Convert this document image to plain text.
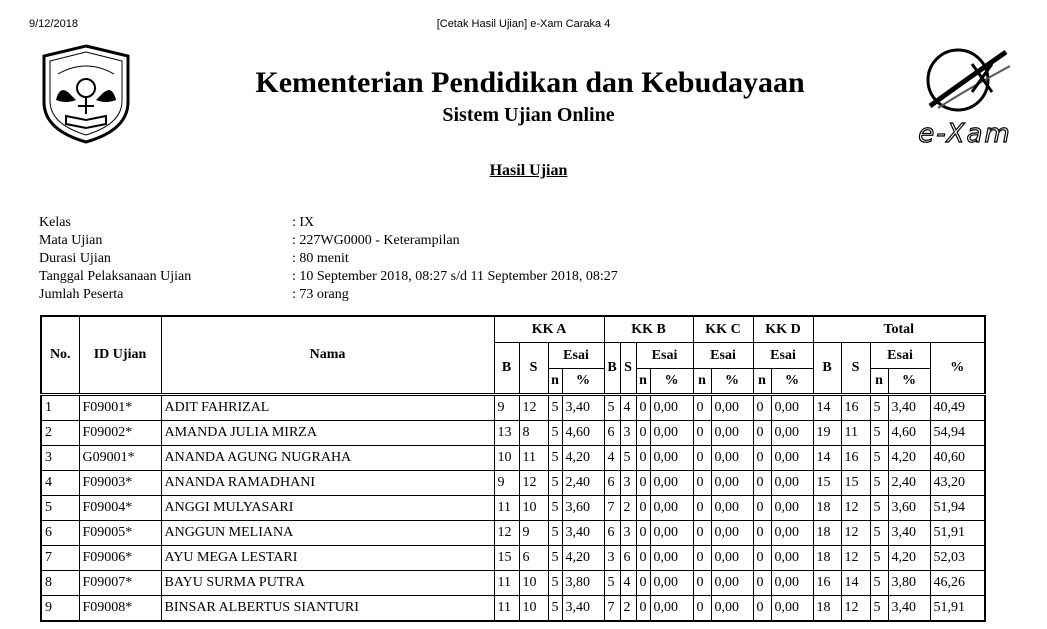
9/12/2018	[Cetak Hasil Ujian] e-Xam Caraka 4
e-Xam
Kementerian Pendidikan dan Kebudayaan
Sistem Ujian Online
Hasil Ujian
Kelas	: IX
Mata Ujian	: 227WG0000 - Keterampilan
Durasi Ujian	: 80 menit
Tanggal Pelaksanaan Ujian	: 10 September 2018, 08:27 s/d 11 September 2018, 08:27
Jumlah Peserta	: 73 orang
No.	ID Ujian	Nama	KK A				KK B				KK C		KK D		Total				
			B	S	Esai		B	S	Esai		Esai		Esai		B	S	Esai		%
					n	%			n	%	n	%	n	%			n	%	
1	F09001*	ADIT FAHRIZAL	9	12	5	3,40	5	4	0	0,00	0	0,00	0	0,00	14	16	5	3,40	40,49
2	F09002*	AMANDA JULIA MIRZA	13	8	5	4,60	6	3	0	0,00	0	0,00	0	0,00	19	11	5	4,60	54,94
3	G09001*	ANANDA AGUNG NUGRAHA	10	11	5	4,20	4	5	0	0,00	0	0,00	0	0,00	14	16	5	4,20	40,60
4	F09003*	ANANDA RAMADHANI	9	12	5	2,40	6	3	0	0,00	0	0,00	0	0,00	15	15	5	2,40	43,20
5	F09004*	ANGGI MULYASARI	11	10	5	3,60	7	2	0	0,00	0	0,00	0	0,00	18	12	5	3,60	51,94
6	F09005*	ANGGUN MELIANA	12	9	5	3,40	6	3	0	0,00	0	0,00	0	0,00	18	12	5	3,40	51,91
7	F09006*	AYU MEGA LESTARI	15	6	5	4,20	3	6	0	0,00	0	0,00	0	0,00	18	12	5	4,20	52,03
8	F09007*	BAYU SURMA PUTRA	11	10	5	3,80	5	4	0	0,00	0	0,00	0	0,00	16	14	5	3,80	46,26
9	F09008*	BINSAR ALBERTUS SIANTURI	11	10	5	3,40	7	2	0	0,00	0	0,00	0	0,00	18	12	5	3,40	51,91
